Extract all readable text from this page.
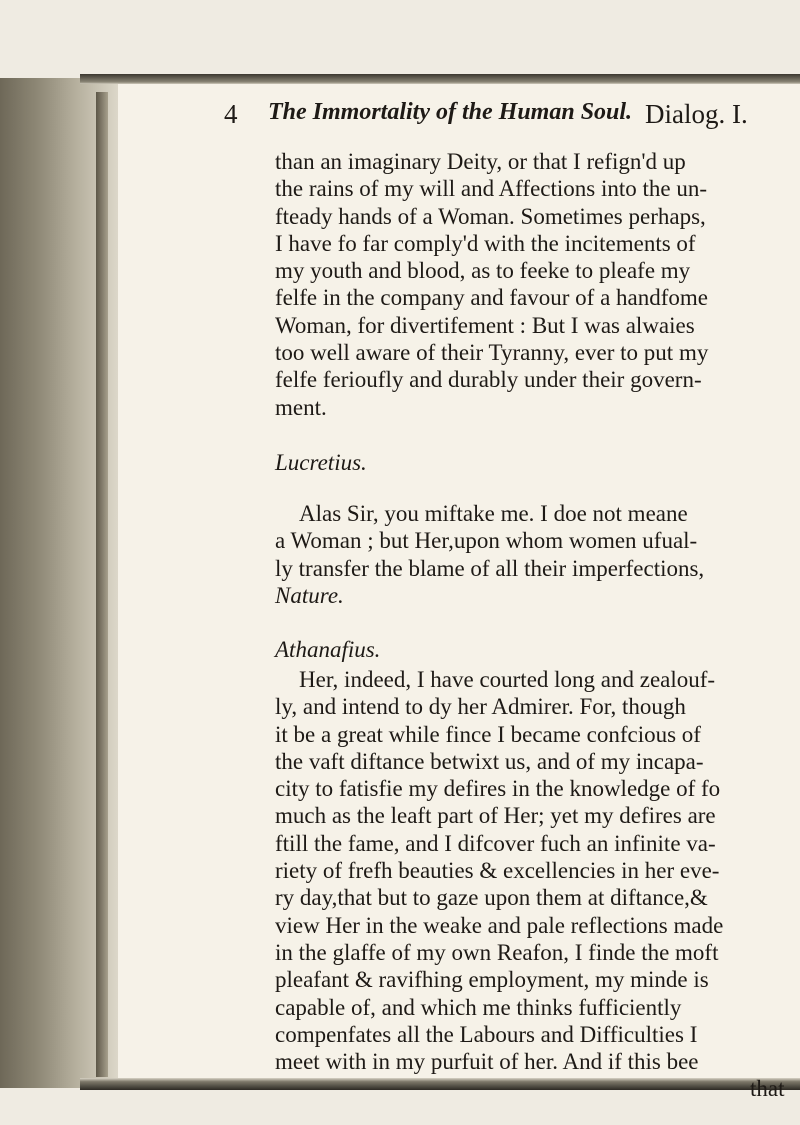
4 The Immortality of the Human Soul. Dialog. I.
than an imaginary Deity, or that I refign'd up
the rains of my will and Affections into the un-
fteady hands of a Woman. Sometimes perhaps,
I have fo far comply'd with the incitements of
my youth and blood, as to feeke to pleafe my
felfe in the company and favour of a handfome
Woman, for divertifement : But I was alwaies
too well aware of their Tyranny, ever to put my
felfe ferioufly and durably under their govern-
ment.
Lucretius.
Alas Sir, you miftake me. I doe not meane
a Woman ; but Her,upon whom women ufual-
ly transfer the blame of all their imperfections,
Nature.
Athanafius.
Her, indeed, I have courted long and zealouf-
ly, and intend to dy her Admirer. For, though
it be a great while fince I became confcious of
the vaft diftance betwixt us, and of my incapa-
city to fatisfie my defires in the knowledge of fo
much as the leaft part of Her; yet my defires are
ftill the fame, and I difcover fuch an infinite va-
riety of frefh beauties & excellencies in her eve-
ry day,that but to gaze upon them at diftance,&
view Her in the weake and pale reflections made
in the glaffe of my own Reafon, I finde the moft
pleafant & ravifhing employment, my minde is
capable of, and which me thinks fufficiently
compenfates all the Labours and Difficulties I
meet with in my purfuit of her. And if this bee
that
